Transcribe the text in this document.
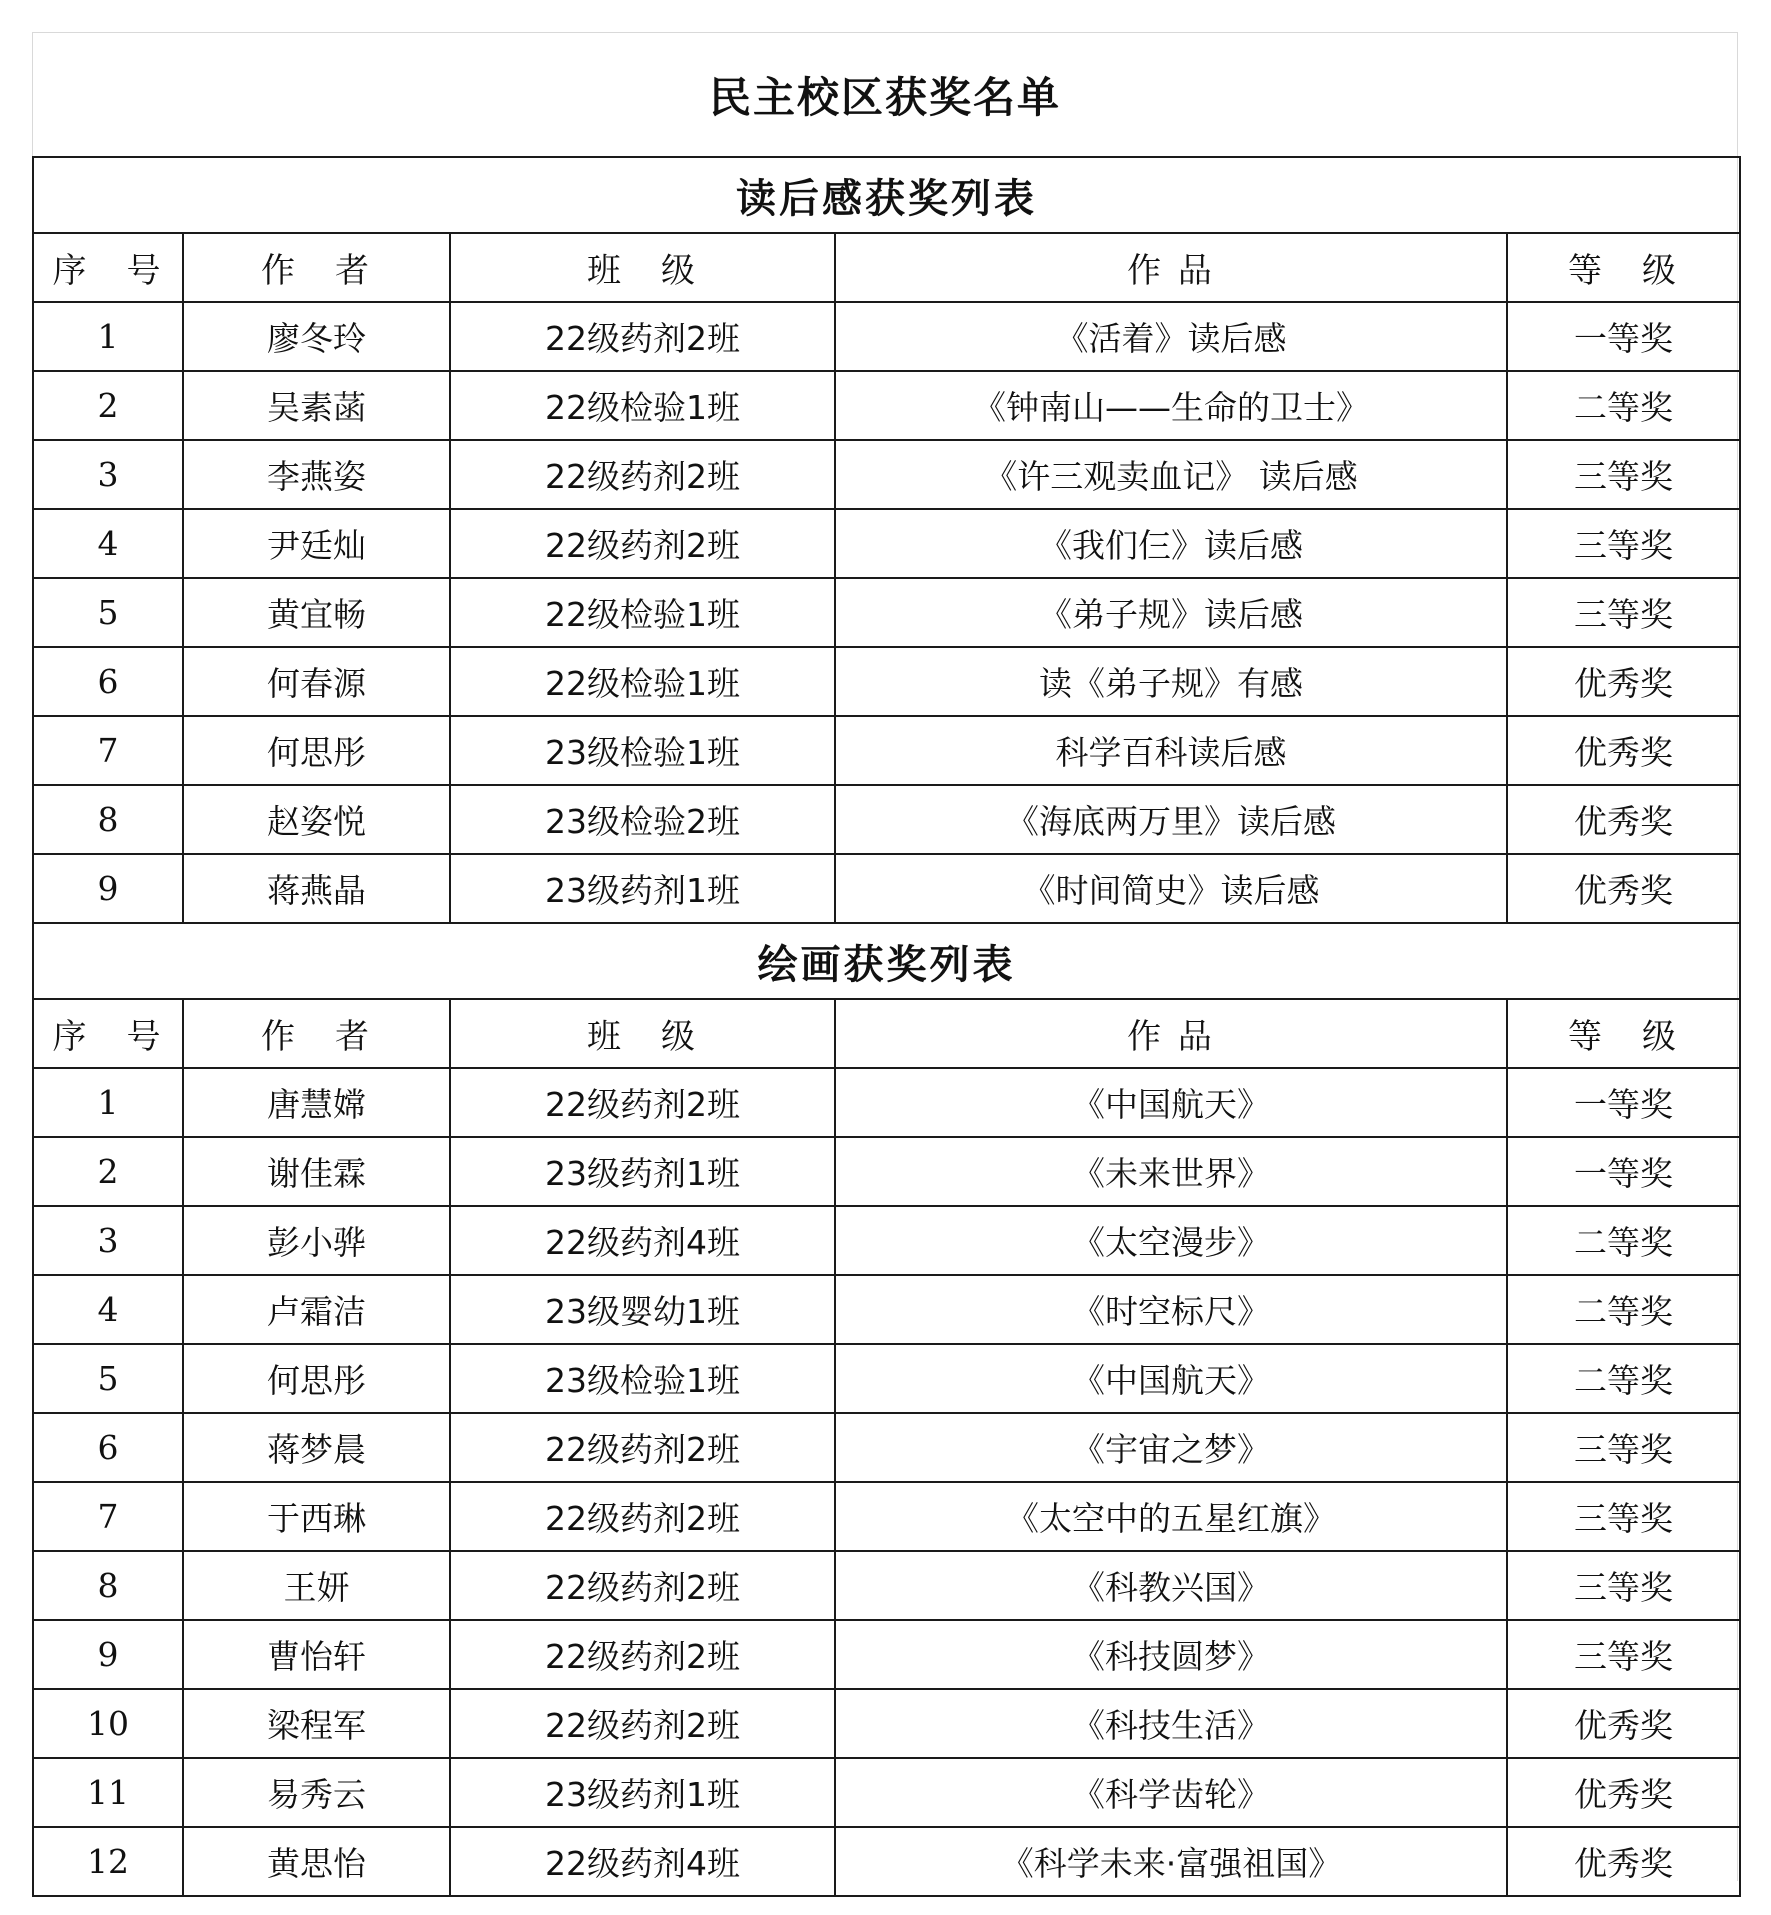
民主校区获奖名单
读后感获奖列表				
序　号	作　者	班　级	作 品	等　级
1	廖冬玲	22级药剂2班	《活着》读后感	一等奖
2	吴素菡	22级检验1班	《钟南山——生命的卫士》	二等奖
3	李燕姿	22级药剂2班	《许三观卖血记》 读后感	三等奖
4	尹廷灿	22级药剂2班	《我们仨》读后感	三等奖
5	黄宜畅	22级检验1班	《弟子规》读后感	三等奖
6	何春源	22级检验1班	读《弟子规》有感	优秀奖
7	何思彤	23级检验1班	科学百科读后感	优秀奖
8	赵姿悦	23级检验2班	《海底两万里》读后感	优秀奖
9	蒋燕晶	23级药剂1班	《时间简史》读后感	优秀奖
绘画获奖列表				
序　号	作　者	班　级	作 品	等　级
1	唐慧嫦	22级药剂2班	《中国航天》	一等奖
2	谢佳霖	23级药剂1班	《未来世界》	一等奖
3	彭小骅	22级药剂4班	《太空漫步》	二等奖
4	卢霜洁	23级婴幼1班	《时空标尺》	二等奖
5	何思彤	23级检验1班	《中国航天》	二等奖
6	蒋梦晨	22级药剂2班	《宇宙之梦》	三等奖
7	于西琳	22级药剂2班	《太空中的五星红旗》	三等奖
8	王妍	22级药剂2班	《科教兴国》	三等奖
9	曹怡轩	22级药剂2班	《科技圆梦》	三等奖
10	梁程军	22级药剂2班	《科技生活》	优秀奖
11	易秀云	23级药剂1班	《科学齿轮》	优秀奖
12	黄思怡	22级药剂4班	《科学未来·富强祖国》	优秀奖
